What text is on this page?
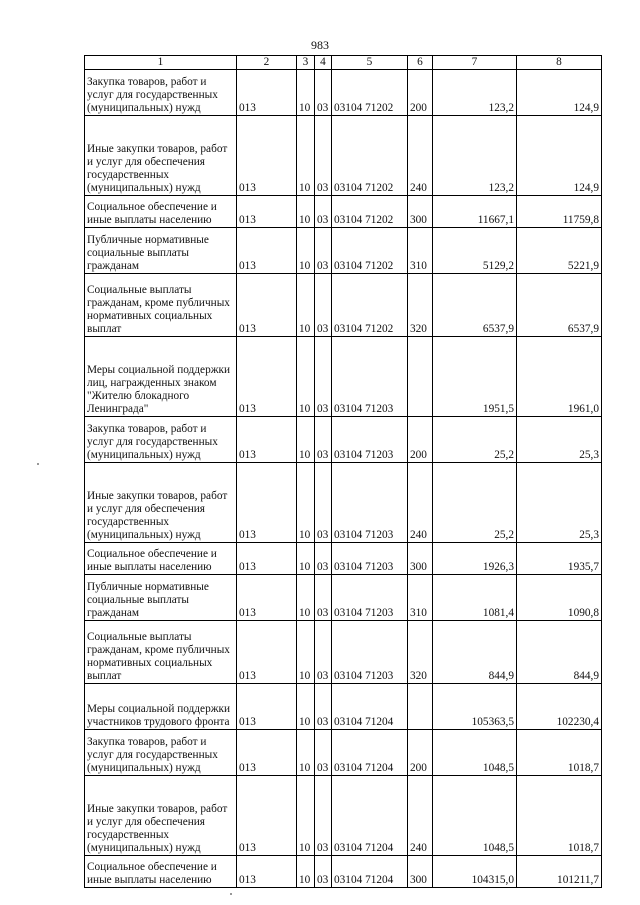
983
1	2	3	4	5	6	7	8
Закупка товаров, работ и услуг для государственных (муниципальных) нужд	013	10	03	03104 71202	200	123,2	124,9
Иные закупки товаров, работ и услуг для обеспечения государственных (муниципальных) нужд	013	10	03	03104 71202	240	123,2	124,9
Социальное обеспечение и иные выплаты населению	013	10	03	03104 71202	300	11667,1	11759,8
Публичные нормативные социальные выплаты гражданам	013	10	03	03104 71202	310	5129,2	5221,9
Социальные выплаты гражданам, кроме публичных нормативных социальных выплат	013	10	03	03104 71202	320	6537,9	6537,9
Меры социальной поддержки лиц, награжденных знаком "Жителю блокадного Ленинграда"	013	10	03	03104 71203		1951,5	1961,0
Закупка товаров, работ и услуг для государственных (муниципальных) нужд	013	10	03	03104 71203	200	25,2	25,3
Иные закупки товаров, работ и услуг для обеспечения государственных (муниципальных) нужд	013	10	03	03104 71203	240	25,2	25,3
Социальное обеспечение и иные выплаты населению	013	10	03	03104 71203	300	1926,3	1935,7
Публичные нормативные социальные выплаты гражданам	013	10	03	03104 71203	310	1081,4	1090,8
Социальные выплаты гражданам, кроме публичных нормативных социальных выплат	013	10	03	03104 71203	320	844,9	844,9
Меры социальной поддержки участников трудового фронта	013	10	03	03104 71204		105363,5	102230,4
Закупка товаров, работ и услуг для государственных (муниципальных) нужд	013	10	03	03104 71204	200	1048,5	1018,7
Иные закупки товаров, работ и услуг для обеспечения государственных (муниципальных) нужд	013	10	03	03104 71204	240	1048,5	1018,7
Социальное обеспечение и иные выплаты населению	013	10	03	03104 71204	300	104315,0	101211,7
